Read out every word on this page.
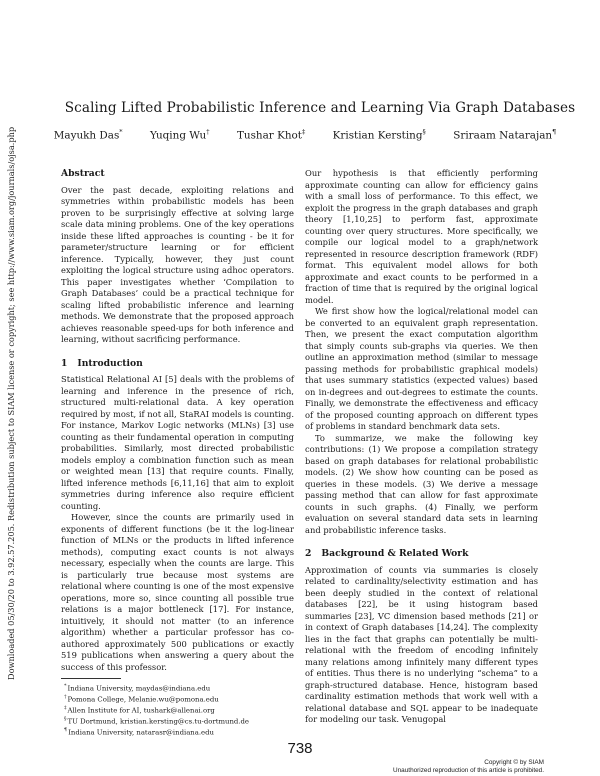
Downloaded 05/30/20 to 3.92.57.205. Redistribution subject to SIAM license or copyright; see http://www.siam.org/journals/ojsa.php
Scaling Lifted Probabilistic Inference and Learning Via Graph Databases
Mayukh Das*	Yuqing Wu†	Tushar Khot‡	Kristian Kersting§	Sriraam Natarajan¶
Abstract

Over the past decade, exploiting relations and symmetries within probabilistic models has been proven to be surprisingly effective at solving large scale data mining problems. One of the key operations inside these lifted approaches is counting - be it for parameter/structure learning or for efficient inference. Typically, however, they just count exploiting the logical structure using adhoc operators. This paper investigates whether ‘Compilation to Graph Databases’ could be a practical technique for scaling lifted probabilistic inference and learning methods. We demonstrate that the proposed approach achieves reasonable speed-ups for both inference and learning, without sacrificing performance.

1 Introduction

Statistical Relational AI [5] deals with the problems of learning and inference in the presence of rich, structured multi-relational data. A key operation required by most, if not all, StaRAI models is counting. For instance, Markov Logic networks (MLNs) [3] use counting as their fundamental operation in computing probabilities. Similarly, most directed probabilistic models employ a combination function such as mean or weighted mean [13] that require counts. Finally, lifted inference methods [6,11,16] that aim to exploit symmetries during inference also require efficient counting.

However, since the counts are primarily used in exponents of different functions (be it the log-linear function of MLNs or the products in lifted inference methods), computing exact counts is not always necessary, especially when the counts are large. This is particularly true because most systems are relational where counting is one of the most expensive operations, more so, since counting all possible true relations is a major bottleneck [17]. For instance, intuitively, it should not matter (to an inference algorithm) whether a particular professor has co-authored approximately 500 publications or exactly 519 publications when answering a query about the success of this professor.

Our hypothesis is that efficiently performing approximate counting can allow for efficiency gains with a small loss of performance. To this effect, we exploit the progress in the graph databases and graph theory [1,10,25] to perform fast, approximate counting over query structures. More specifically, we compile our logical model to a graph/network represented in resource description framework (RDF) format. This equivalent model allows for both approximate and exact counts to be performed in a fraction of time that is required by the original logical model.

We first show how the logical/relational model can be converted to an equivalent graph representation. Then, we present the exact computation algorithm that simply counts sub-graphs via queries. We then outline an approximation method (similar to message passing methods for probabilistic graphical models) that uses summary statistics (expected values) based on in-degrees and out-degrees to estimate the counts. Finally, we demonstrate the effectiveness and efficacy of the proposed counting approach on different types of problems in standard benchmark data sets.

To summarize, we make the following key contributions: (1) We propose a compilation strategy based on graph databases for relational probabilistic models. (2) We show how counting can be posed as queries in these models. (3) We derive a message passing method that can allow for fast approximate counts in such graphs. (4) Finally, we perform evaluation on several standard data sets in learning and probabilistic inference tasks.

2 Background & Related Work

Approximation of counts via summaries is closely related to cardinality/selectivity estimation and has been deeply studied in the context of relational databases [22], be it using histogram based summaries [23], VC dimension based methods [21] or in context of Graph databases [14,24]. The complexity lies in the fact that graphs can potentially be multi-relational with the freedom of encoding infinitely many relations among infinitely many different types of entities. Thus there is no underlying “schema” to a graph-structured database. Hence, histogram based cardinality estimation methods that work well with a relational database and SQL appear to be inadequate for modeling our task. Venugopal

*Indiana University, maydas@indiana.edu
†Pomona College, Melanie.wu@pomona.edu
‡Allen Institute for AI, tushark@allenai.org
§TU Dortmund, kristian.kersting@cs.tu-dortmund.de
¶Indiana University, natarasr@indiana.edu
738
Copyright © by SIAM
Unauthorized reproduction of this article is prohibited.
